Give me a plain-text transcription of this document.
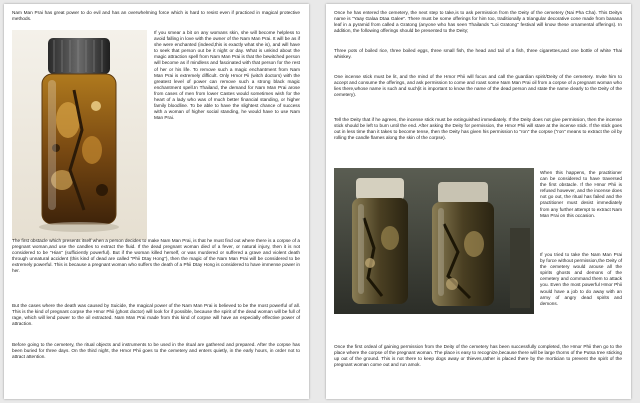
Nam Man Prai has great power to do evil and has an overwhelming force which is hard to resist even if practiced in magical protective methods.

If you smear a bit on any womans skin, she will become helpless to avoid falling in love with the owner of the Nam Man Prai. It will be as if she were enchanted (indeed,this is exactly what she is), and will have to seek that person out be it night or day. What is unkind about the magic attraction spell from Nam Man Prai is that the bewitched person will become as if mindless and fascinated with that person for the rest of her or his life. To remove such a magic enchantment from Nam Man Prai is extremely difficult. Only Hmor Pii (witch doctors) with the greatest level of power can remove such a strong black magic enchantment spell.In Thailand, the demand for Nam Man Prai arose from cases of men from lower Castes would sometimes wish for the heart of a lady who was of much better financial standing, or higher family bloodline. To be able to have the slightest chance of success with a woman of higher social standing, he would have to use Nam Man Prai.

The first obstacle which presents itself when a person decides to make Nam Man Prai, is that he must find out where there is a corpse of a pregnant woman,and use the candles to extract the fluid. If the dead pregnant woman died of a fever, or natural injury, then it is not considered to be "Hian" (sufficiently powerful). But if the woman killed herself, or was murdered or suffered a grave and violent death through unnatural accident (this kind of dead are called "Phii Dtay Hong"), then the magic of the Nam Man Prai will be considered to be extremely powerful. This is because a pregnant woman who suffers the death of a Phii Dtay Hong is considered to have immense power in her.

But the cases where the death was caused by Suicide, the magical power of the Nam Man Prai is believed to be the most powerful of all. This is the kind of pregnant corpse the Hmor Phii (ghost doctor) will look for if possible, because the spirit of the dead woman will be full of rage, which will lend power to the oil extracted. Nam Man Prai made from this kind of corpse will have an especially effective power of attraction.

Before going to the cemetery, the ritual objects and instruments to be used in the ritual are gathered and prepared. After the corpse has been buried for three days. On the third night, the Hmor Phii goes to the cemetery and enters quietly, in the early hours, in order not to attract attention.

Once he has entered the cemetery, the next step to take,is to ask permission from the Deity of the cemetery (Nai Pha Cha). This Deitys name is "Yaay Galaa Dtaa Galee". There must be some offerings for him too, traditionally a triangular decorative cone made from banana leaf in a pyramid from called a Gratong (anyone who has seen Thailands "Loi Gratong" festival will know these ornamental offerings). In addition, the following offerings should be presented to the Deity;

Three pots of boiled rice, three boiled eggs, three small fish, the head and tail of a fish, three cigarettes,and one bottle of white Thai whiskey.

One incense stick must be lit, and the mind of the Hmor Phii will focus and call the guardian spirit/Deity of the cemetery. Invite him to accept and consume the offerings, and ask permission to come and roast some Nam Man Prai oil from a corpse of a pregnant woman who lies there,whose name is such and such(it is important to know the name of the dead person and state the name clearly to the Deity of the cemetery).

Tell the Deity that if he agrees, the incense stick must be extinguished immediately. If the Deity does not give permission, then the incense stick should be left to burn until the end. After asking the Deity for permission, the Hmor Phii will stare at the incense stick. If the stick goes out in less time than it takes to become tense, then the Deity has given his permission to "ron" the corpse ("ron" means to extract the oil by rolling the candle flames along the skin of the corpse).

When this happens, the practitioner can be considered to have traversed the first obstacle. If the Hmor Phii is refused however, and the incense does not go out, the ritual has failed and the practitioner must desist immediately from any further attempt to extract Nam Man Prai on this occasion.

If you tried to take the Nam Man Prai by force without permission,the Deity of the cemetery would arouse all the spirits ghosts and demons of the cemetery and command them to attack you. Even the most powerful Hmor Phii would have a job to do away with an army of angry dead spirits and demons.

Once the first ordeal of gaining permission from the Deity of the cemetery has been successfully completed, the Hmor Phii then go to the place where the corpse of the pregnant woman. The place is easy to recognize,because there will be large thorns of the Putsa tree sticking up out of the ground. This is not there to keep dogs away or thieves,rather is placed there by the mortician to prevent the spirit of the pregnant woman come out and run amok.
